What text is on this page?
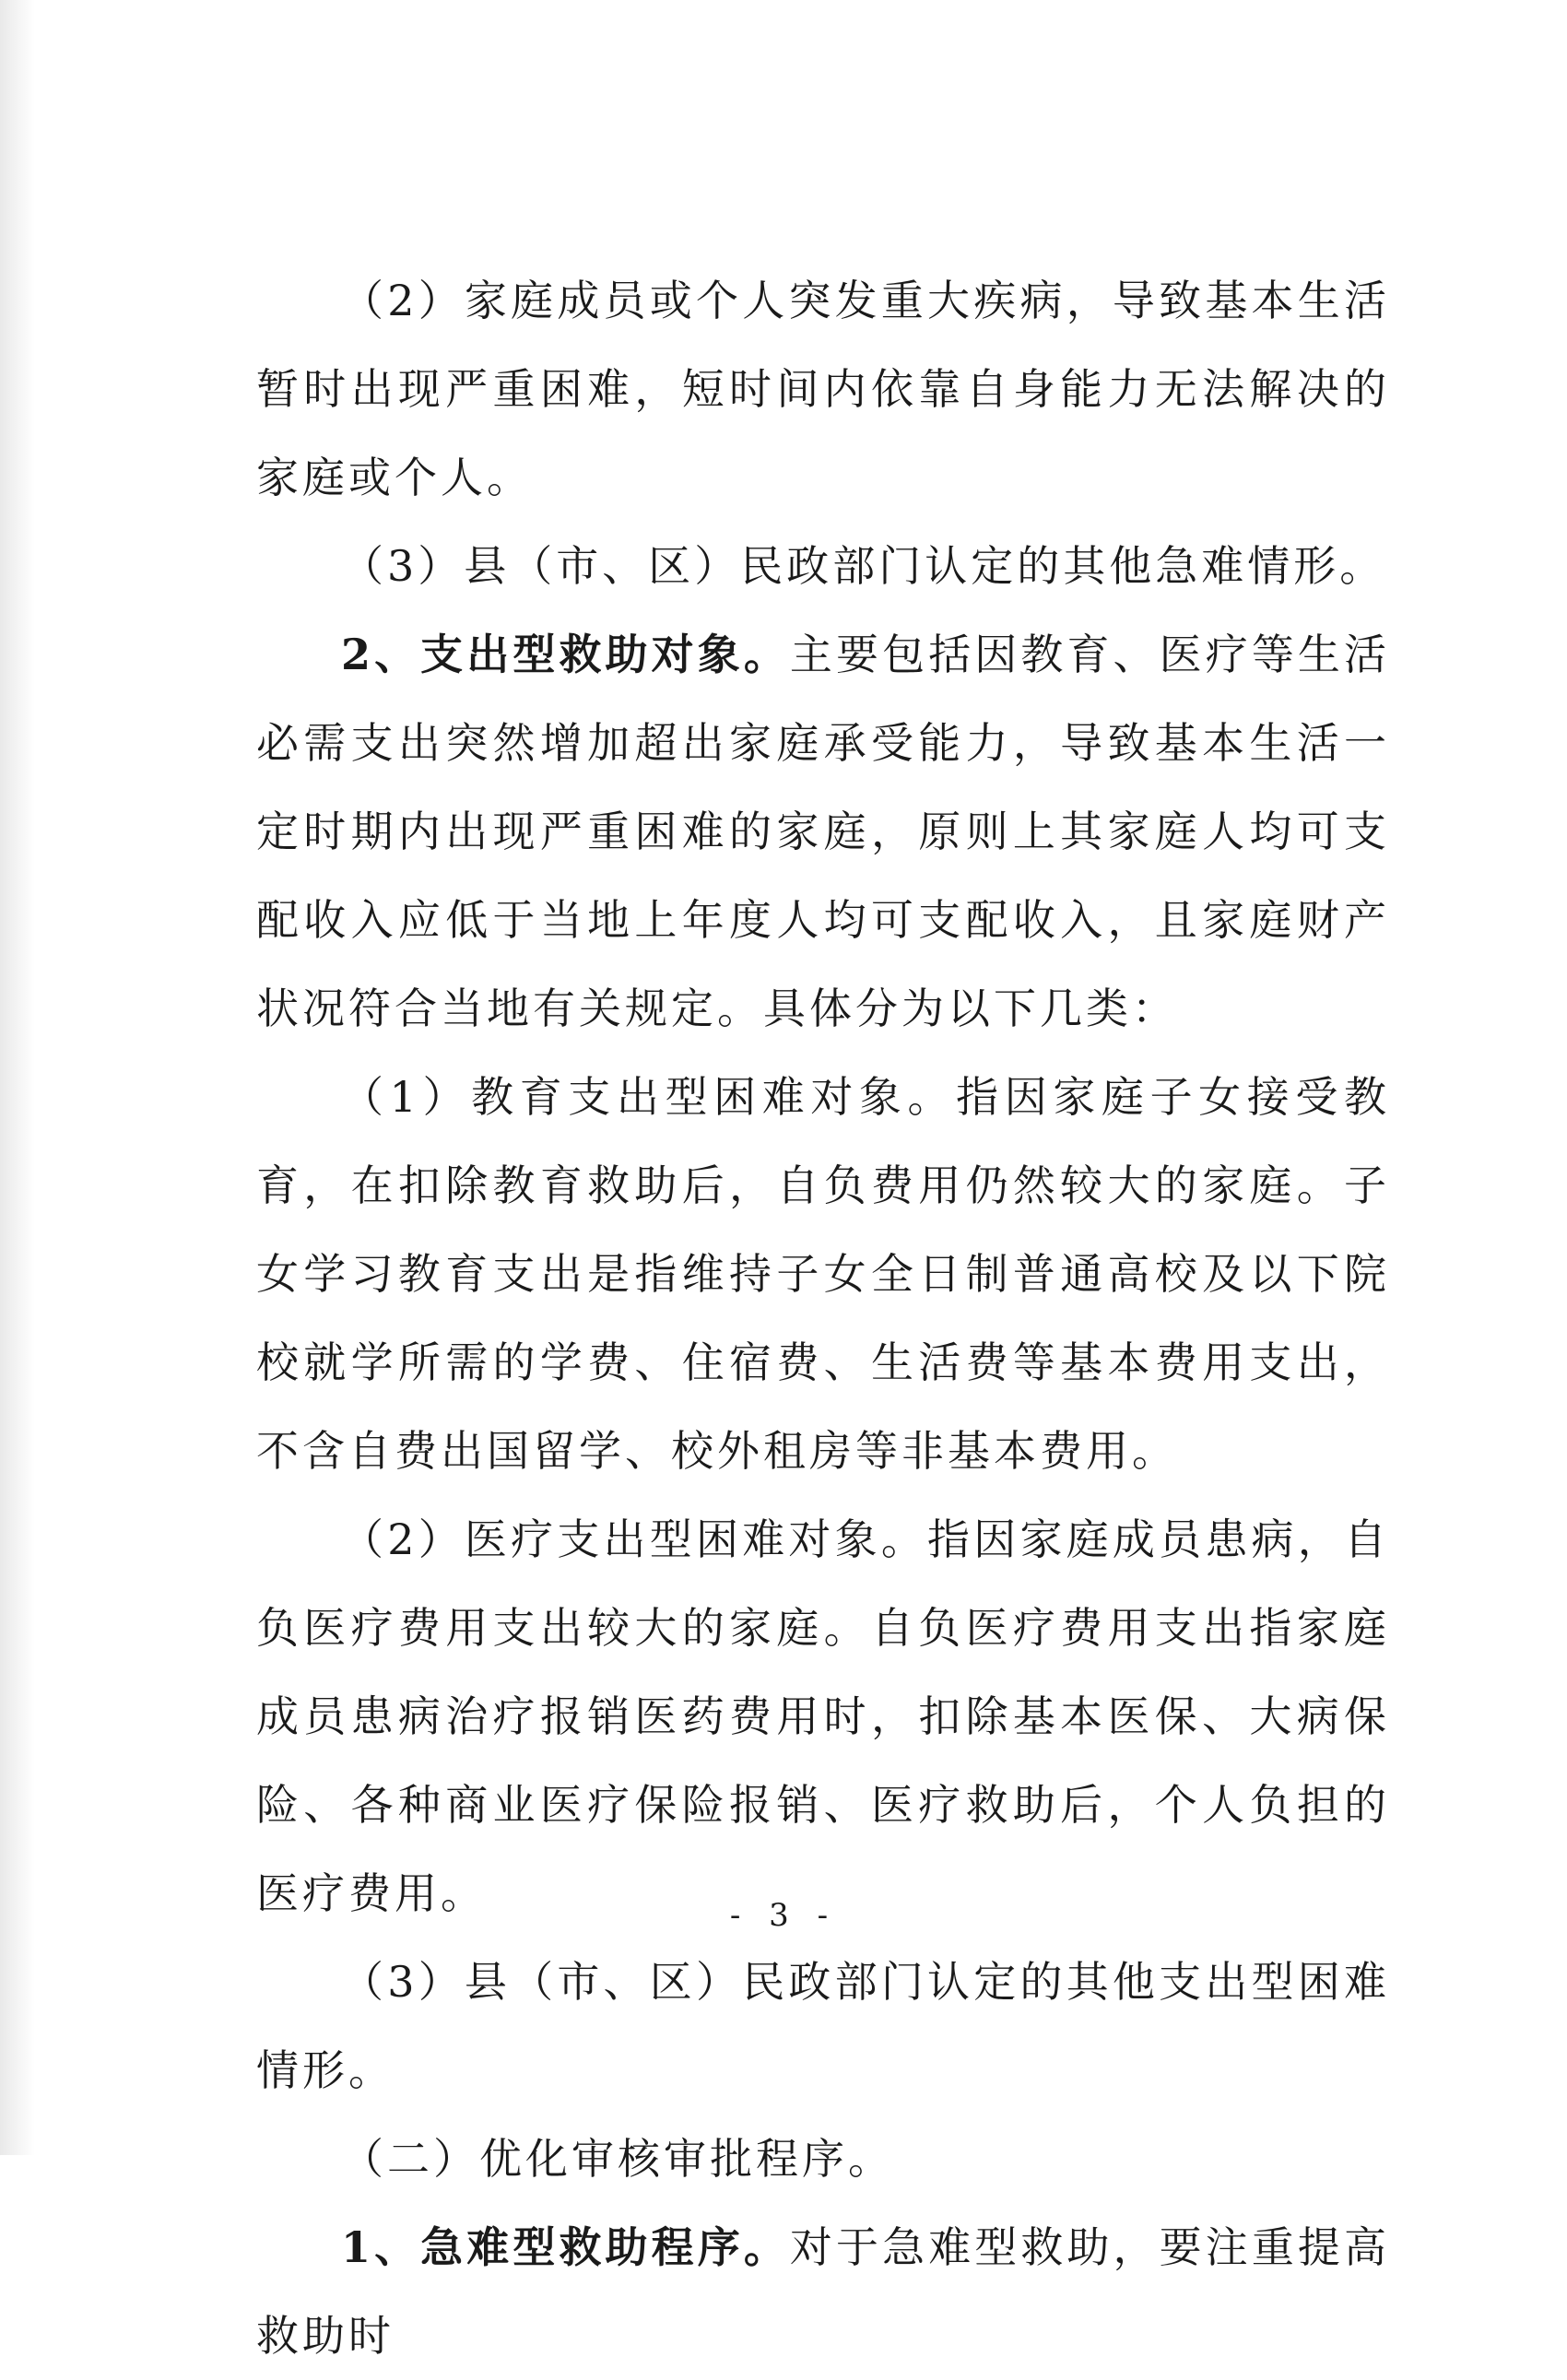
（2）家庭成员或个人突发重大疾病，导致基本生活暂时出现严重困难，短时间内依靠自身能力无法解决的家庭或个人。

（3）县（市、区）民政部门认定的其他急难情形。

2、支出型救助对象。主要包括因教育、医疗等生活必需支出突然增加超出家庭承受能力，导致基本生活一定时期内出现严重困难的家庭，原则上其家庭人均可支配收入应低于当地上年度人均可支配收入，且家庭财产状况符合当地有关规定。具体分为以下几类：

（1）教育支出型困难对象。指因家庭子女接受教育，在扣除教育救助后，自负费用仍然较大的家庭。子女学习教育支出是指维持子女全日制普通高校及以下院校就学所需的学费、住宿费、生活费等基本费用支出，不含自费出国留学、校外租房等非基本费用。

（2）医疗支出型困难对象。指因家庭成员患病，自负医疗费用支出较大的家庭。自负医疗费用支出指家庭成员患病治疗报销医药费用时，扣除基本医保、大病保险、各种商业医疗保险报销、医疗救助后，个人负担的医疗费用。

（3）县（市、区）民政部门认定的其他支出型困难情形。

（二）优化审核审批程序。

1、急难型救助程序。对于急难型救助，要注重提高救助时

- 3 -
